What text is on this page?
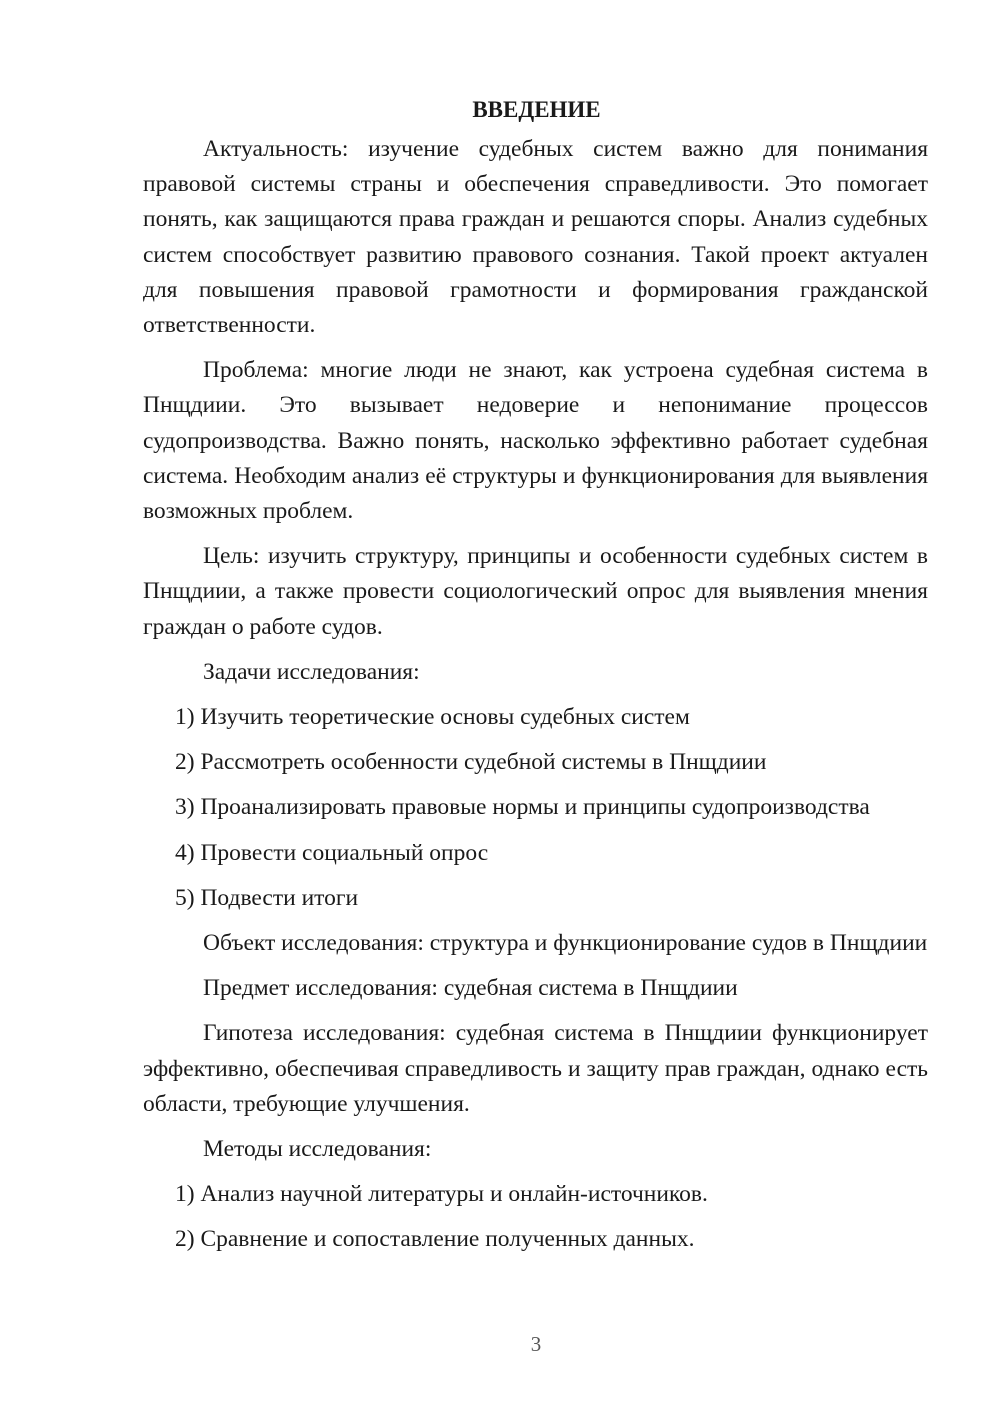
ВВЕДЕНИЕ

Актуальность: изучение судебных систем важно для понимания правовой системы страны и обеспечения справедливости. Это помогает понять, как защищаются права граждан и решаются споры. Анализ судебных систем способствует развитию правового сознания. Такой проект актуален для повышения правовой грамотности и формирования гражданской ответственности.

Проблема: многие люди не знают, как устроена судебная система в Пнщдиии. Это вызывает недоверие и непонимание процессов судопроизводства. Важно понять, насколько эффективно работает судебная система. Необходим анализ её структуры и функционирования для выявления возможных проблем.

Цель: изучить структуру, принципы и особенности судебных систем в Пнщдиии, а также провести социологический опрос для выявления мнения граждан о работе судов.

Задачи исследования:

1) Изучить теоретические основы судебных систем

2) Рассмотреть особенности судебной системы в Пнщдиии

3) Проанализировать правовые нормы и принципы судопроизводства

4) Провести социальный опрос

5) Подвести итоги

Объект исследования: структура и функционирование судов в Пнщдиии

Предмет исследования: судебная система в Пнщдиии

Гипотеза исследования: судебная система в Пнщдиии функционирует эффективно, обеспечивая справедливость и защиту прав граждан, однако есть области, требующие улучшения.

Методы исследования:

1) Анализ научной литературы и онлайн-источников.

2) Сравнение и сопоставление полученных данных.

3
